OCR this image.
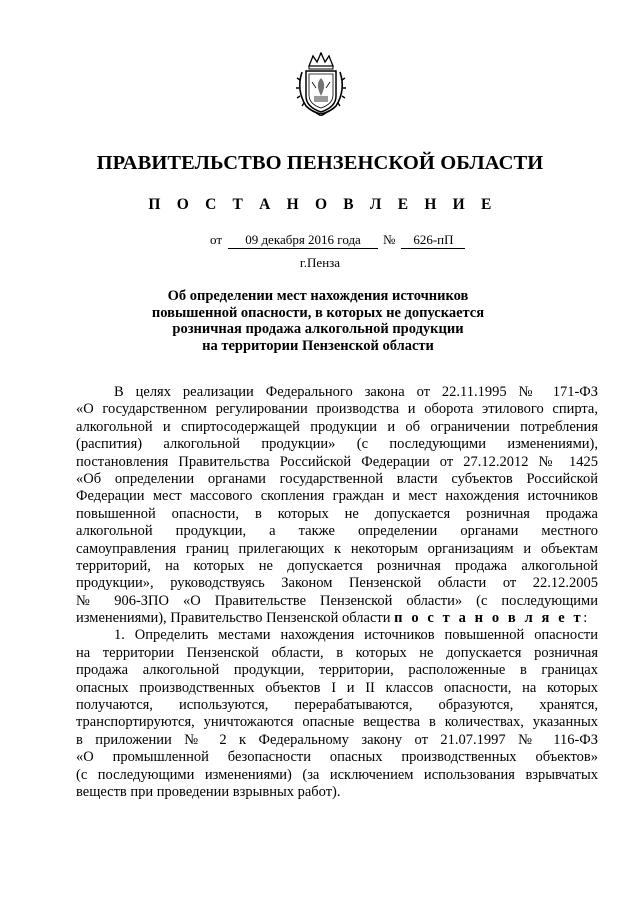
ПРАВИТЕЛЬСТВО ПЕНЗЕНСКОЙ ОБЛАСТИ
П О С Т А Н О В Л Е Н И Е
от 09 декабря 2016 года № 626-пП
г.Пенза
Об определении мест нахождения источников
повышенной опасности, в которых не допускается
розничная продажа алкогольной продукции
на территории Пензенской области
В целях реализации Федерального закона от 22.11.1995 № 171-ФЗ
«О государственном регулировании производства и оборота этилового спирта,
алкогольной и спиртосодержащей продукции и об ограничении потребления
(распития) алкогольной продукции» (с последующими изменениями),
постановления Правительства Российской Федерации от 27.12.2012 № 1425
«Об определении органами государственной власти субъектов Российской
Федерации мест массового скопления граждан и мест нахождения источников
повышенной опасности, в которых не допускается розничная продажа
алкогольной продукции, а также определении органами местного
самоуправления границ прилегающих к некоторым организациям и объектам
территорий, на которых не допускается розничная продажа алкогольной
продукции», руководствуясь Законом Пензенской области от 22.12.2005
№ 906-ЗПО «О Правительстве Пензенской области» (с последующими
изменениями), Правительство Пензенской области п о с т а н о в л я е т:
1. Определить местами нахождения источников повышенной опасности
на территории Пензенской области, в которых не допускается розничная
продажа алкогольной продукции, территории, расположенные в границах
опасных производственных объектов I и II классов опасности, на которых
получаются, используются, перерабатываются, образуются, хранятся,
транспортируются, уничтожаются опасные вещества в количествах, указанных
в приложении № 2 к Федеральному закону от 21.07.1997 № 116-ФЗ
«О промышленной безопасности опасных производственных объектов»
(с последующими изменениями) (за исключением использования взрывчатых
веществ при проведении взрывных работ).
